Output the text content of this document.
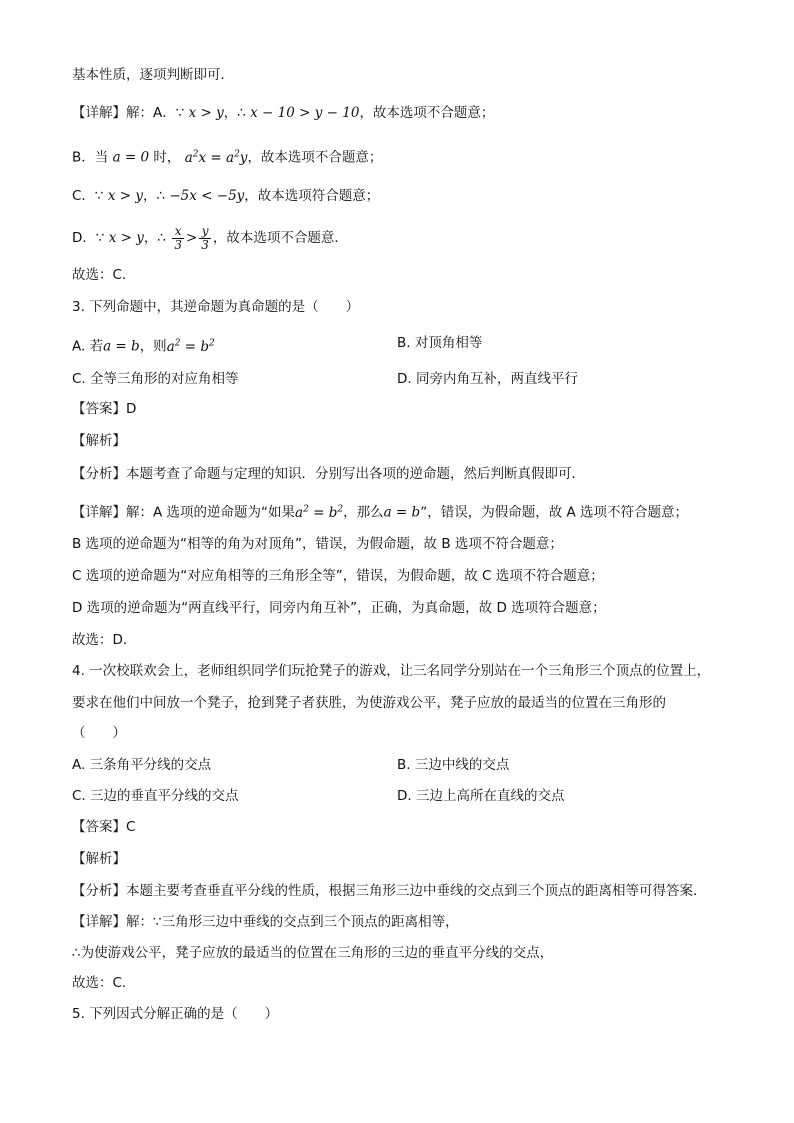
基本性质，逐项判断即可．
【详解】解：A．∵ x > y，∴ x − 10 > y − 10，故本选项不合题意；
B．当 a = 0 时， $a^2x = a^2y$，故本选项不合题意；
C．∵ x > y，∴ −5x < −5y，故本选项符合题意；
D．∵ x > y，∴ $\frac{x}{3} > \frac{y}{3}$ ，故本选项不合题意．
故选：C．
3. 下列命题中，其逆命题为真命题的是（　　）
A. 若a = b，则$a^2 = b^2$	B. 对顶角相等
C. 全等三角形的对应角相等	D. 同旁内角互补，两直线平行
【答案】D
【解析】
【分析】本题考查了命题与定理的知识．分别写出各项的逆命题，然后判断真假即可．
【详解】解：A 选项的逆命题为“如果$a^2 = b^2$，那么a = b”，错误，为假命题，故 A 选项不符合题意；
B 选项的逆命题为“相等的角为对顶角”，错误，为假命题，故 B 选项不符合题意；
C 选项的逆命题为“对应角相等的三角形全等”，错误，为假命题，故 C 选项不符合题意；
D 选项的逆命题为“两直线平行，同旁内角互补”，正确，为真命题，故 D 选项符合题意；
故选：D．
4. 一次校联欢会上，老师组织同学们玩抢凳子的游戏，让三名同学分别站在一个三角形三个顶点的位置上，
要求在他们中间放一个凳子，抢到凳子者获胜，为使游戏公平，凳子应放的最适当的位置在三角形的
（　　）
A. 三条角平分线的交点	B. 三边中线的交点
C. 三边的垂直平分线的交点	D. 三边上高所在直线的交点
【答案】C
【解析】
【分析】本题主要考查垂直平分线的性质，根据三角形三边中垂线的交点到三个顶点的距离相等可得答案．
【详解】解：∵三角形三边中垂线的交点到三个顶点的距离相等，
∴为使游戏公平，凳子应放的最适当的位置在三角形的三边的垂直平分线的交点，
故选：C．
5. 下列因式分解正确的是（　　）
